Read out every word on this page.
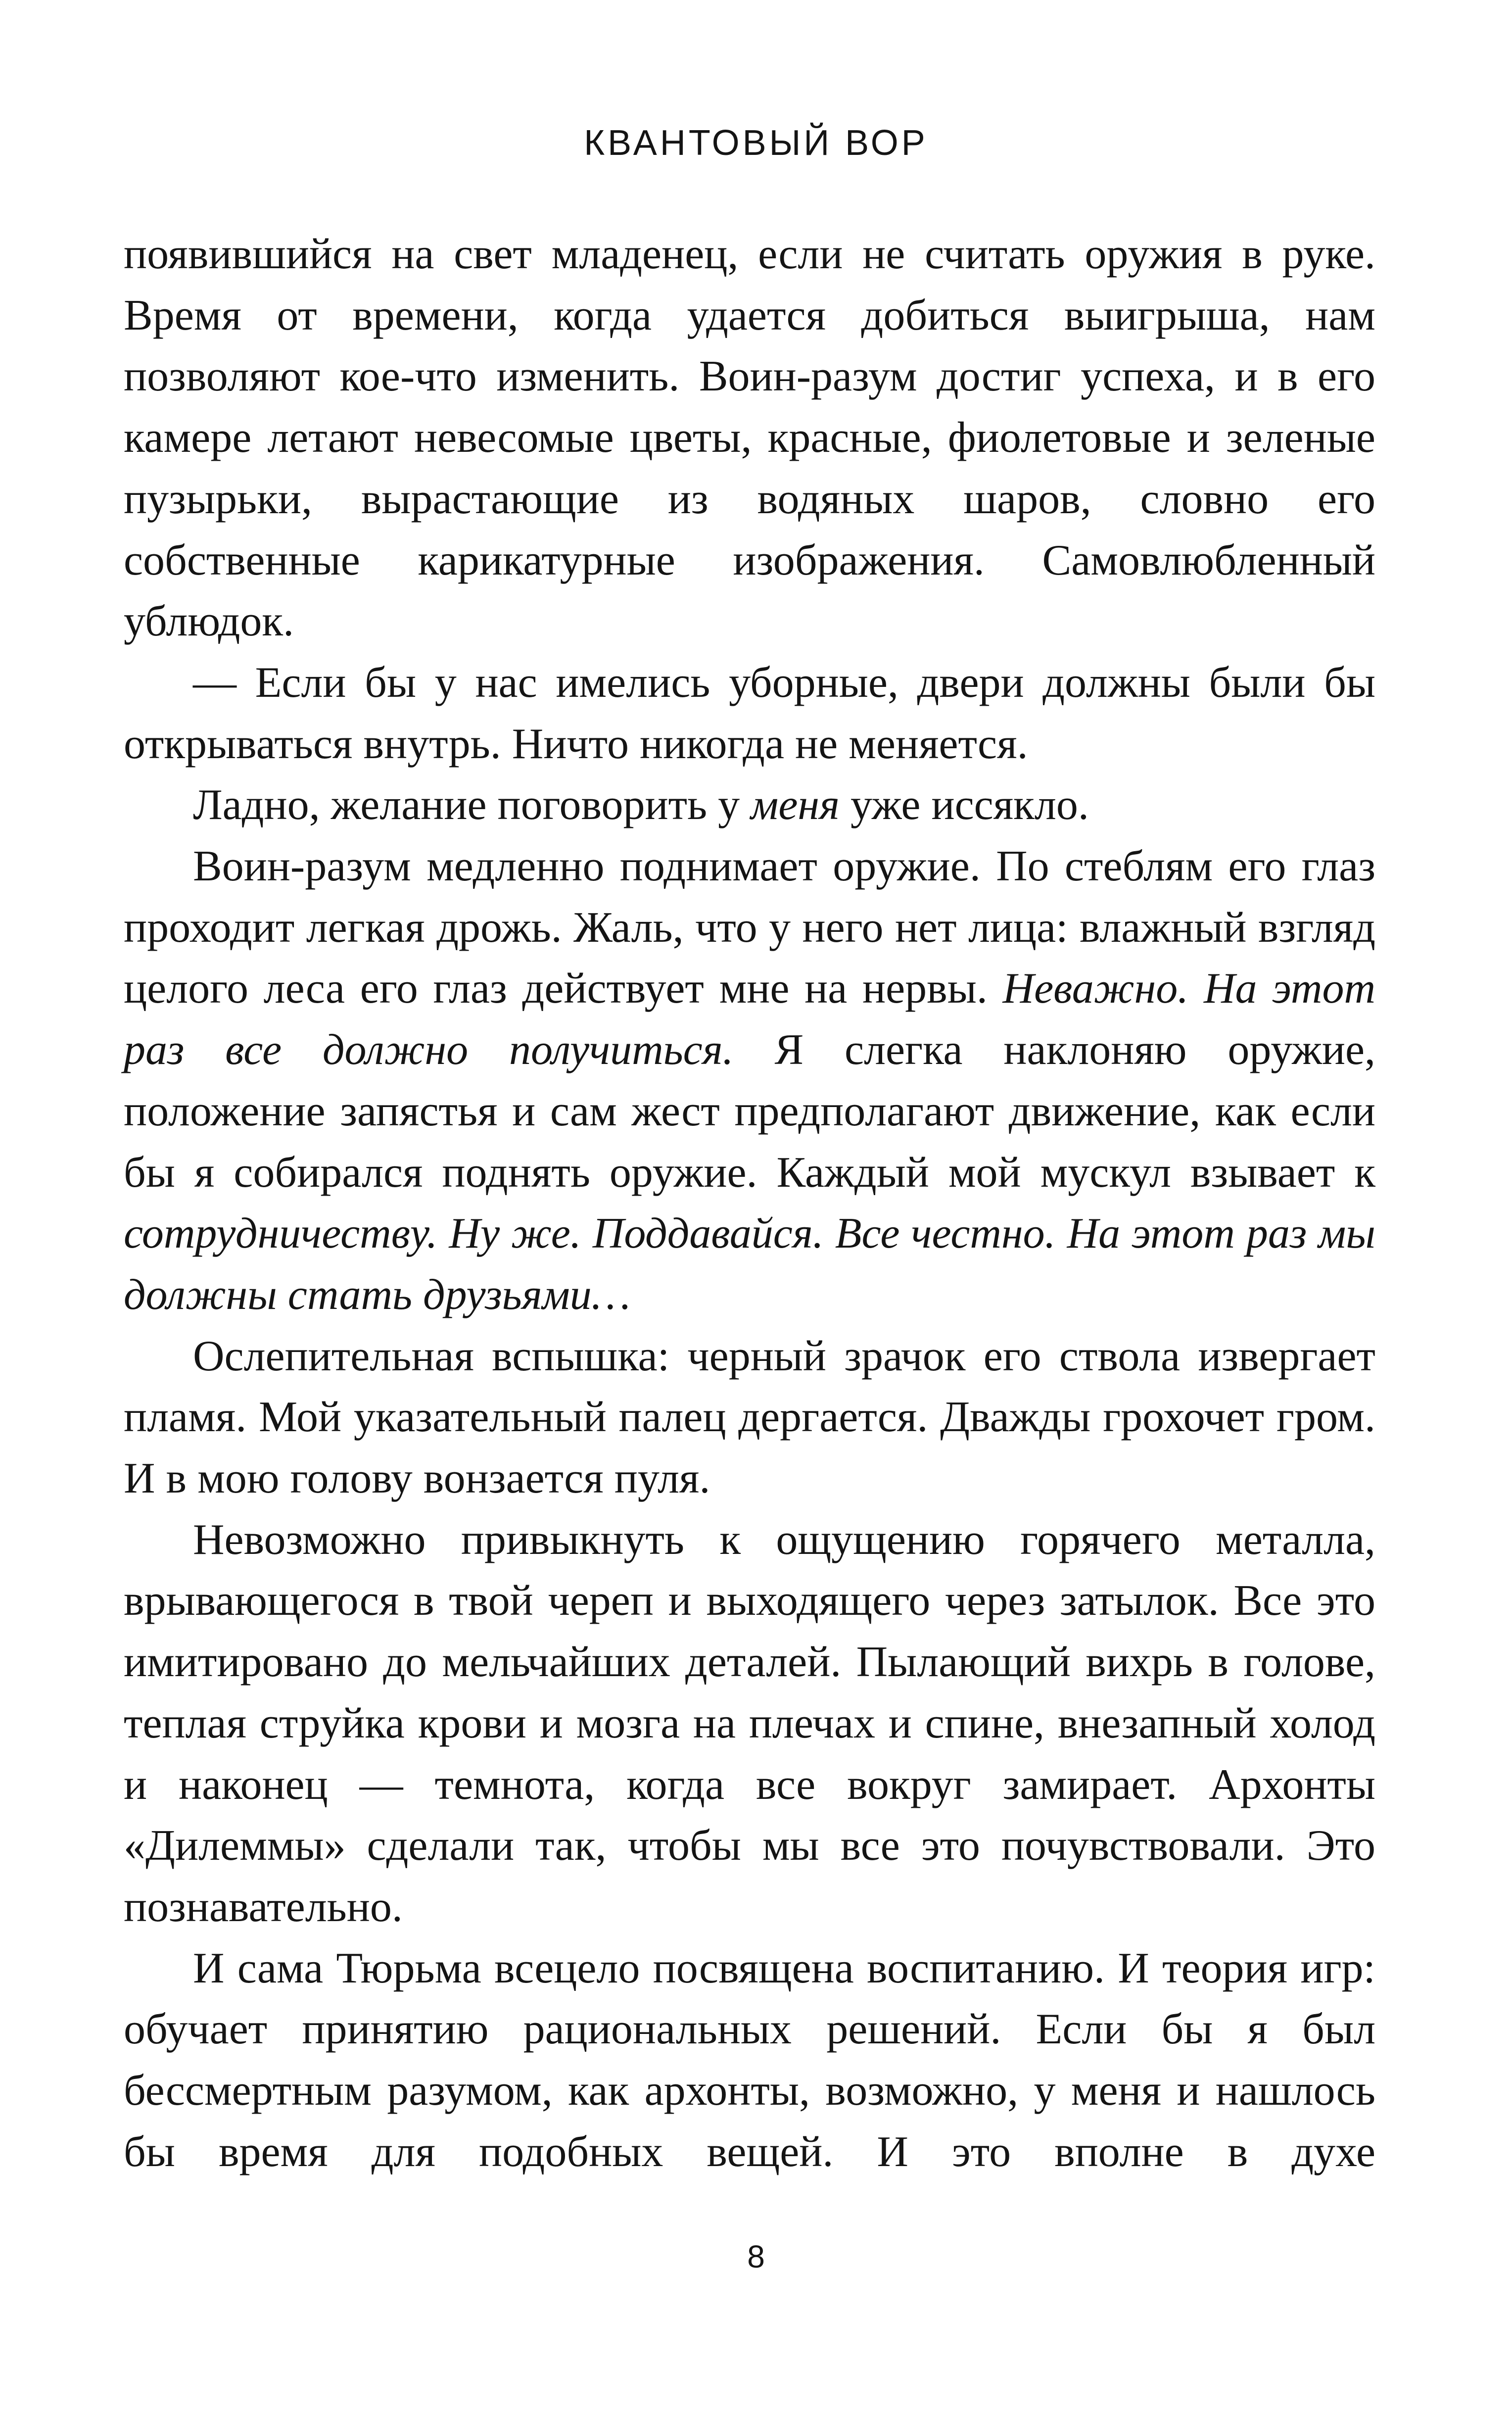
КВАНТОВЫЙ ВОР

появившийся на свет младенец, если не считать оружия в руке. Время от времени, когда удается добиться выигрыша, нам позволяют кое-что изменить. Воин-разум достиг успеха, и в его камере летают невесомые цветы, красные, фиолетовые и зеленые пузырьки, вырастающие из водяных шаров, словно его собственные карикатурные изображения. Самовлюбленный ублюдок.

— Если бы у нас имелись уборные, двери должны были бы открываться внутрь. Ничто никогда не меняется.

Ладно, желание поговорить у меня уже иссякло.

Воин-разум медленно поднимает оружие. По стеблям его глаз проходит легкая дрожь. Жаль, что у него нет лица: влажный взгляд целого леса его глаз действует мне на нервы. Неважно. На этот раз все должно получиться. Я слегка наклоняю оружие, положение запястья и сам жест предполагают движение, как если бы я собирался поднять оружие. Каждый мой мускул взывает к сотрудничеству. Ну же. Поддавайся. Все честно. На этот раз мы должны стать друзьями…

Ослепительная вспышка: черный зрачок его ствола извергает пламя. Мой указательный палец дергается. Дважды грохочет гром. И в мою голову вонзается пуля.

Невозможно привыкнуть к ощущению горячего металла, врывающегося в твой череп и выходящего через затылок. Все это имитировано до мельчайших деталей. Пылающий вихрь в голове, теплая струйка крови и мозга на плечах и спине, внезапный холод и наконец — темнота, когда все вокруг замирает. Архонты «Дилеммы» сделали так, чтобы мы все это почувствовали. Это познавательно.

И сама Тюрьма всецело посвящена воспитанию. И теория игр: обучает принятию рациональных решений. Если бы я был бессмертным разумом, как архонты, возможно, у меня и нашлось бы время для подобных вещей. И это вполне в духе

8
